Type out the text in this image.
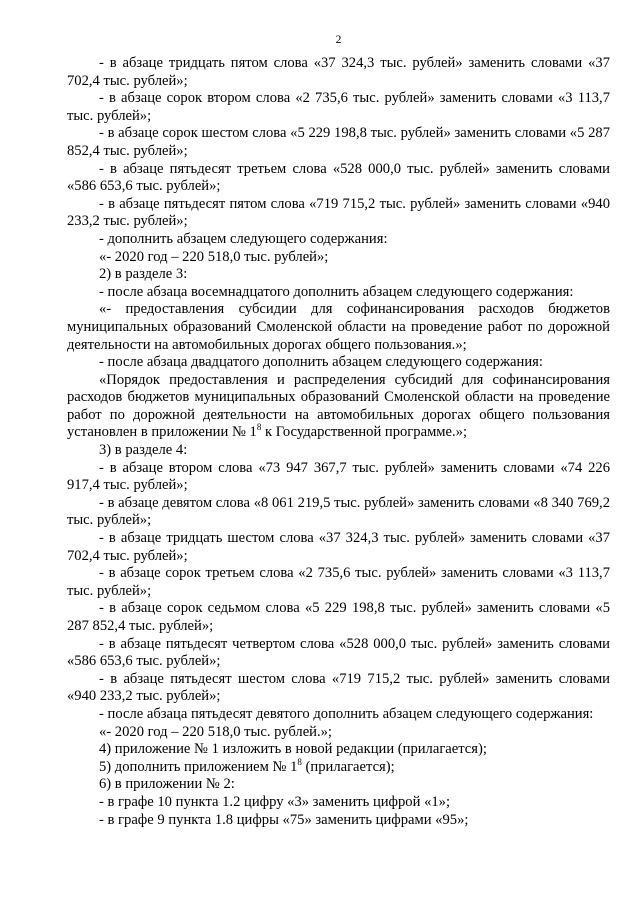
2

- в абзаце тридцать пятом слова «37 324,3 тыс. рублей» заменить словами «37 702,4 тыс. рублей»;

- в абзаце сорок втором слова «2 735,6 тыс. рублей» заменить словами «3 113,7 тыс. рублей»;

- в абзаце сорок шестом слова «5 229 198,8 тыс. рублей» заменить словами «5 287 852,4 тыс. рублей»;

- в абзаце пятьдесят третьем слова «528 000,0 тыс. рублей» заменить словами «586 653,6 тыс. рублей»;

- в абзаце пятьдесят пятом слова «719 715,2 тыс. рублей» заменить словами «940 233,2 тыс. рублей»;

- дополнить абзацем следующего содержания:

«- 2020 год – 220 518,0 тыс. рублей»;

2) в разделе 3:

- после абзаца восемнадцатого дополнить абзацем следующего содержания:

«- предоставления субсидии для софинансирования расходов бюджетов муниципальных образований Смоленской области на проведение работ по дорожной деятельности на автомобильных дорогах общего пользования.»;

- после абзаца двадцатого дополнить абзацем следующего содержания:

«Порядок предоставления и распределения субсидий для софинансирования расходов бюджетов муниципальных образований Смоленской области на проведение работ по дорожной деятельности на автомобильных дорогах общего пользования установлен в приложении № $1^8$ к Государственной программе.»;

3) в разделе 4:

- в абзаце втором слова «73 947 367,7 тыс. рублей» заменить словами «74 226 917,4 тыс. рублей»;

- в абзаце девятом слова «8 061 219,5 тыс. рублей» заменить словами «8 340 769,2 тыс. рублей»;

- в абзаце тридцать шестом слова «37 324,3 тыс. рублей» заменить словами «37 702,4 тыс. рублей»;

- в абзаце сорок третьем слова «2 735,6 тыс. рублей» заменить словами «3 113,7 тыс. рублей»;

- в абзаце сорок седьмом слова «5 229 198,8 тыс. рублей» заменить словами «5 287 852,4 тыс. рублей»;

- в абзаце пятьдесят четвертом слова «528 000,0 тыс. рублей» заменить словами «586 653,6 тыс. рублей»;

- в абзаце пятьдесят шестом слова «719 715,2 тыс. рублей» заменить словами «940 233,2 тыс. рублей»;

- после абзаца пятьдесят девятого дополнить абзацем следующего содержания:

«- 2020 год – 220 518,0 тыс. рублей.»;

4) приложение № 1 изложить в новой редакции (прилагается);

5) дополнить приложением № $1^8$ (прилагается);

6) в приложении № 2:

- в графе 10 пункта 1.2 цифру «3» заменить цифрой «1»;

- в графе 9 пункта 1.8 цифры «75» заменить цифрами «95»;
